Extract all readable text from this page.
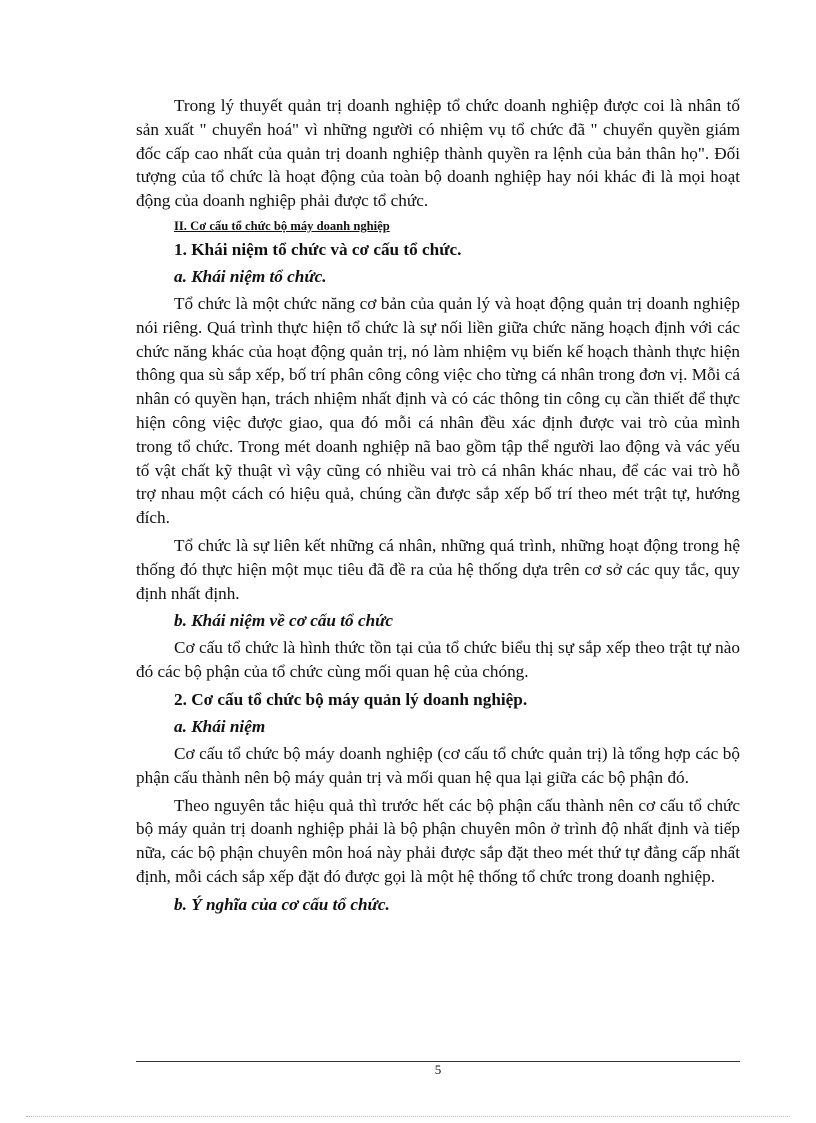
Trong lý thuyết quản trị doanh nghiệp tổ chức doanh nghiệp được coi là nhân tố sản xuất " chuyển hoá" vì những người có nhiệm vụ tổ chức đã " chuyển quyền giám đốc cấp cao nhất của quản trị doanh nghiệp thành quyền ra lệnh của bản thân họ". Đối tượng của tổ chức là hoạt động của toàn bộ doanh nghiệp hay nói khác đi là mọi hoạt động của doanh nghiệp phải được tổ chức.

II. Cơ cấu tổ chức bộ máy doanh nghiệp

1. Khái niệm tổ chức và cơ cấu tổ chức.

a. Khái niệm tổ chức.

Tổ chức là một chức năng cơ bản của quản lý và hoạt động quản trị doanh nghiệp nói riêng. Quá trình thực hiện tổ chức là sự nối liền giữa chức năng hoạch định với các chức năng khác của hoạt động quản trị, nó làm nhiệm vụ biến kế hoạch thành thực hiện thông qua sù sắp xếp, bố trí phân công công việc cho từng cá nhân trong đơn vị. Mỗi cá nhân có quyền hạn, trách nhiệm nhất định và có các thông tin công cụ cần thiết để thực hiện công việc được giao, qua đó mỗi cá nhân đều xác định được vai trò của mình trong tổ chức. Trong mét doanh nghiệp nã bao gồm tập thể người lao động và vác yếu tố vật chất kỹ thuật vì vậy cũng có nhiều vai trò cá nhân khác nhau, để các vai trò hỗ trợ nhau một cách có hiệu quả, chúng cần được sắp xếp bố trí theo mét trật tự, hướng đích.

Tổ chức là sự liên kết những cá nhân, những quá trình, những hoạt động trong hệ thống đó thực hiện một mục tiêu đã đề ra của hệ thống dựa trên cơ sở các quy tắc, quy định nhất định.

b. Khái niệm về cơ cấu tổ chức

Cơ cấu tổ chức là hình thức tồn tại của tổ chức biểu thị sự sắp xếp theo trật tự nào đó các bộ phận của tổ chức cùng mối quan hệ của chóng.

2. Cơ cấu tổ chức bộ máy quản lý doanh nghiệp.

a. Khái niệm

Cơ cấu tổ chức bộ máy doanh nghiệp (cơ cấu tổ chức quản trị) là tổng hợp các bộ phận cấu thành nên bộ máy quản trị và mối quan hệ qua lại giữa các bộ phận đó.

Theo nguyên tắc hiệu quả thì trước hết các bộ phận cấu thành nên cơ cấu tổ chức bộ máy quản trị doanh nghiệp phải là bộ phận chuyên môn ở trình độ nhất định và tiếp nữa, các bộ phận chuyên môn hoá này phải được sắp đặt theo mét thứ tự đẳng cấp nhất định, mỗi cách sắp xếp đặt đó được gọi là một hệ thống tổ chức trong doanh nghiệp.

b. Ý nghĩa của cơ cấu tổ chức.

5
